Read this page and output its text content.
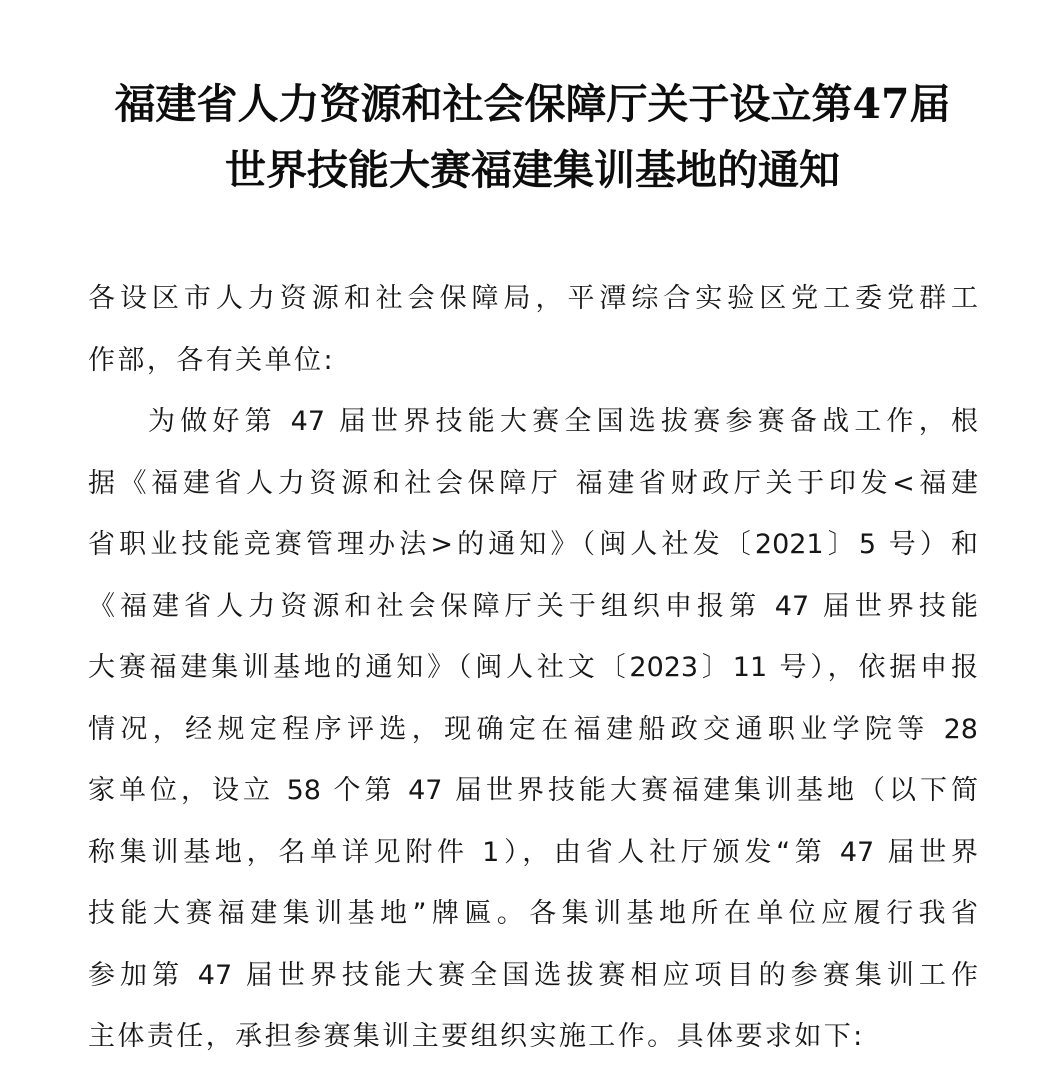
福建省人力资源和社会保障厅关于设立第47届
世界技能大赛福建集训基地的通知
各设区市人力资源和社会保障局，平潭综合实验区党工委党群工
作部，各有关单位:
为做好第 47 届世界技能大赛全国选拔赛参赛备战工作，根
据《福建省人力资源和社会保障厅 福建省财政厅关于印发<福建
省职业技能竞赛管理办法>的通知》（闽人社发〔2021〕5 号）和
《福建省人力资源和社会保障厅关于组织申报第 47 届世界技能
大赛福建集训基地的通知》（闽人社文〔2023〕11 号），依据申报
情况，经规定程序评选，现确定在福建船政交通职业学院等 28
家单位，设立 58 个第 47 届世界技能大赛福建集训基地（以下简
称集训基地，名单详见附件 1），由省人社厅颁发“第 47 届世界
技能大赛福建集训基地”牌匾。各集训基地所在单位应履行我省
参加第 47 届世界技能大赛全国选拔赛相应项目的参赛集训工作
主体责任，承担参赛集训主要组织实施工作。具体要求如下:
